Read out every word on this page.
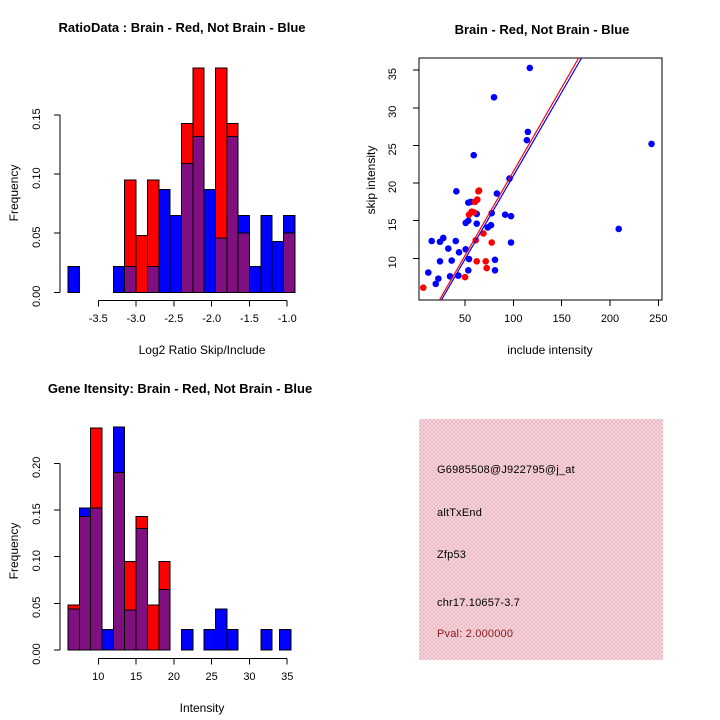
0.00
0.05
0.10
0.15
-3.5 -3.0 -2.5 -2.0 -1.5 -1.0	50	100	150	200	250
10
15
20
25
30
35
0.00
0.05
0.10
0.15
0.20
10 15 20 25 30 35
RatioData : Brain - Red, Not Brain - Blue	Brain - Red, Not Brain - Blue
Gene Itensity: Brain - Red, Not Brain - Blue
Log2 Ratio Skip/Include	include intensity
Intensity
Frequency	skip intensity
Frequency
G6985508@J922795@j_at
altTxEnd
Zfp53
chr17.10657-3.7
Pval: 2.000000
